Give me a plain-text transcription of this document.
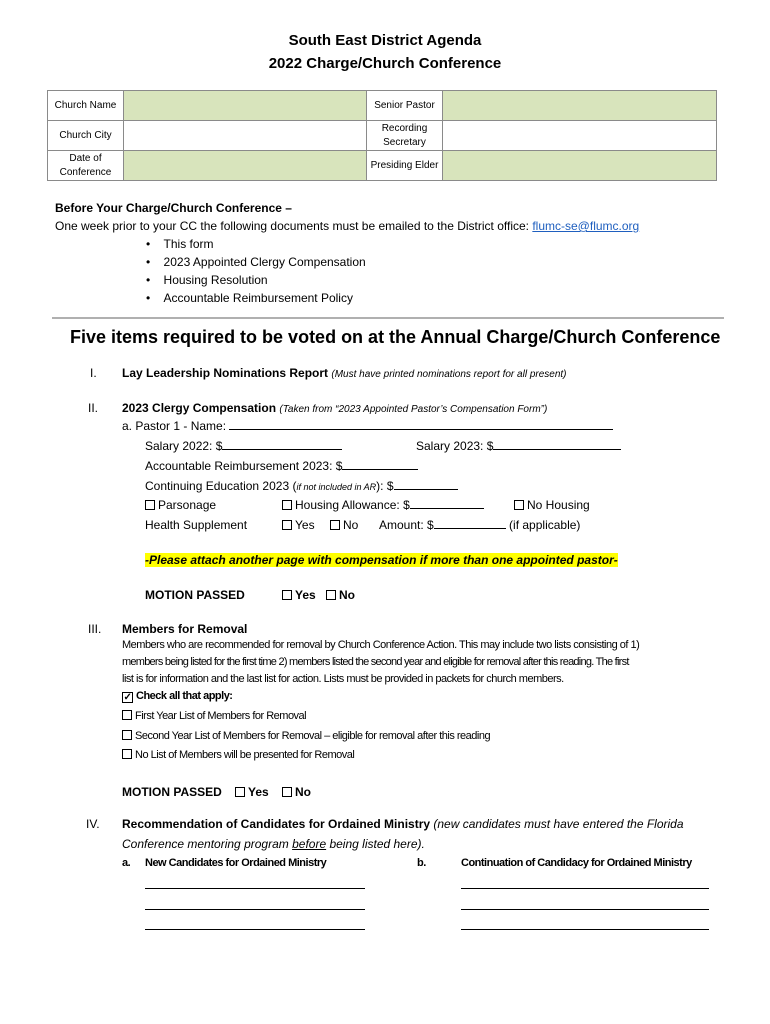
South East District Agenda
2022 Charge/Church Conference
Church Name		Senior Pastor	
Church City		Recording Secretary	
Date of Conference		Presiding Elder	
Before Your Charge/Church Conference –
One week prior to your CC the following documents must be emailed to the District office: flumc-se@flumc.org
•    This form
•    2023 Appointed Clergy Compensation
•    Housing Resolution
•    Accountable Reimbursement Policy
Five items required to be voted on at the Annual Charge/Church Conference
I. Lay Leadership Nominations Report (Must have printed nominations report for all present)
II. 2023 Clergy Compensation (Taken from “2023 Appointed Pastor’s Compensation Form”)
a. Pastor 1 - Name:
Salary 2022: $	Salary 2023: $
Accountable Reimbursement 2023: $
Continuing Education 2023 (if not included in AR): $
Parsonage	Housing Allowance: $	No Housing
Health Supplement	Yes	No Amount: $	(if applicable)
-Please attach another page with compensation if more than one appointed pastor-
MOTION PASSED	Yes	No
III. Members for Removal
Members who are recommended for removal by Church Conference Action. This may include two lists consisting of 1)
members being listed for the first time 2) members listed the second year and eligible for removal after this reading. The first
list is for information and the last list for action. Lists must be provided in packets for church members.
✓ Check all that apply:
First Year List of Members for Removal
Second Year List of Members for Removal – eligible for removal after this reading
No List of Members will be presented for Removal
MOTION PASSED	Yes	No
IV. Recommendation of Candidates for Ordained Ministry (new candidates must have entered the Florida
Conference mentoring program before being listed here).
a. New Candidates for Ordained Ministry	b.	Continuation of Candidacy for Ordained Ministry
